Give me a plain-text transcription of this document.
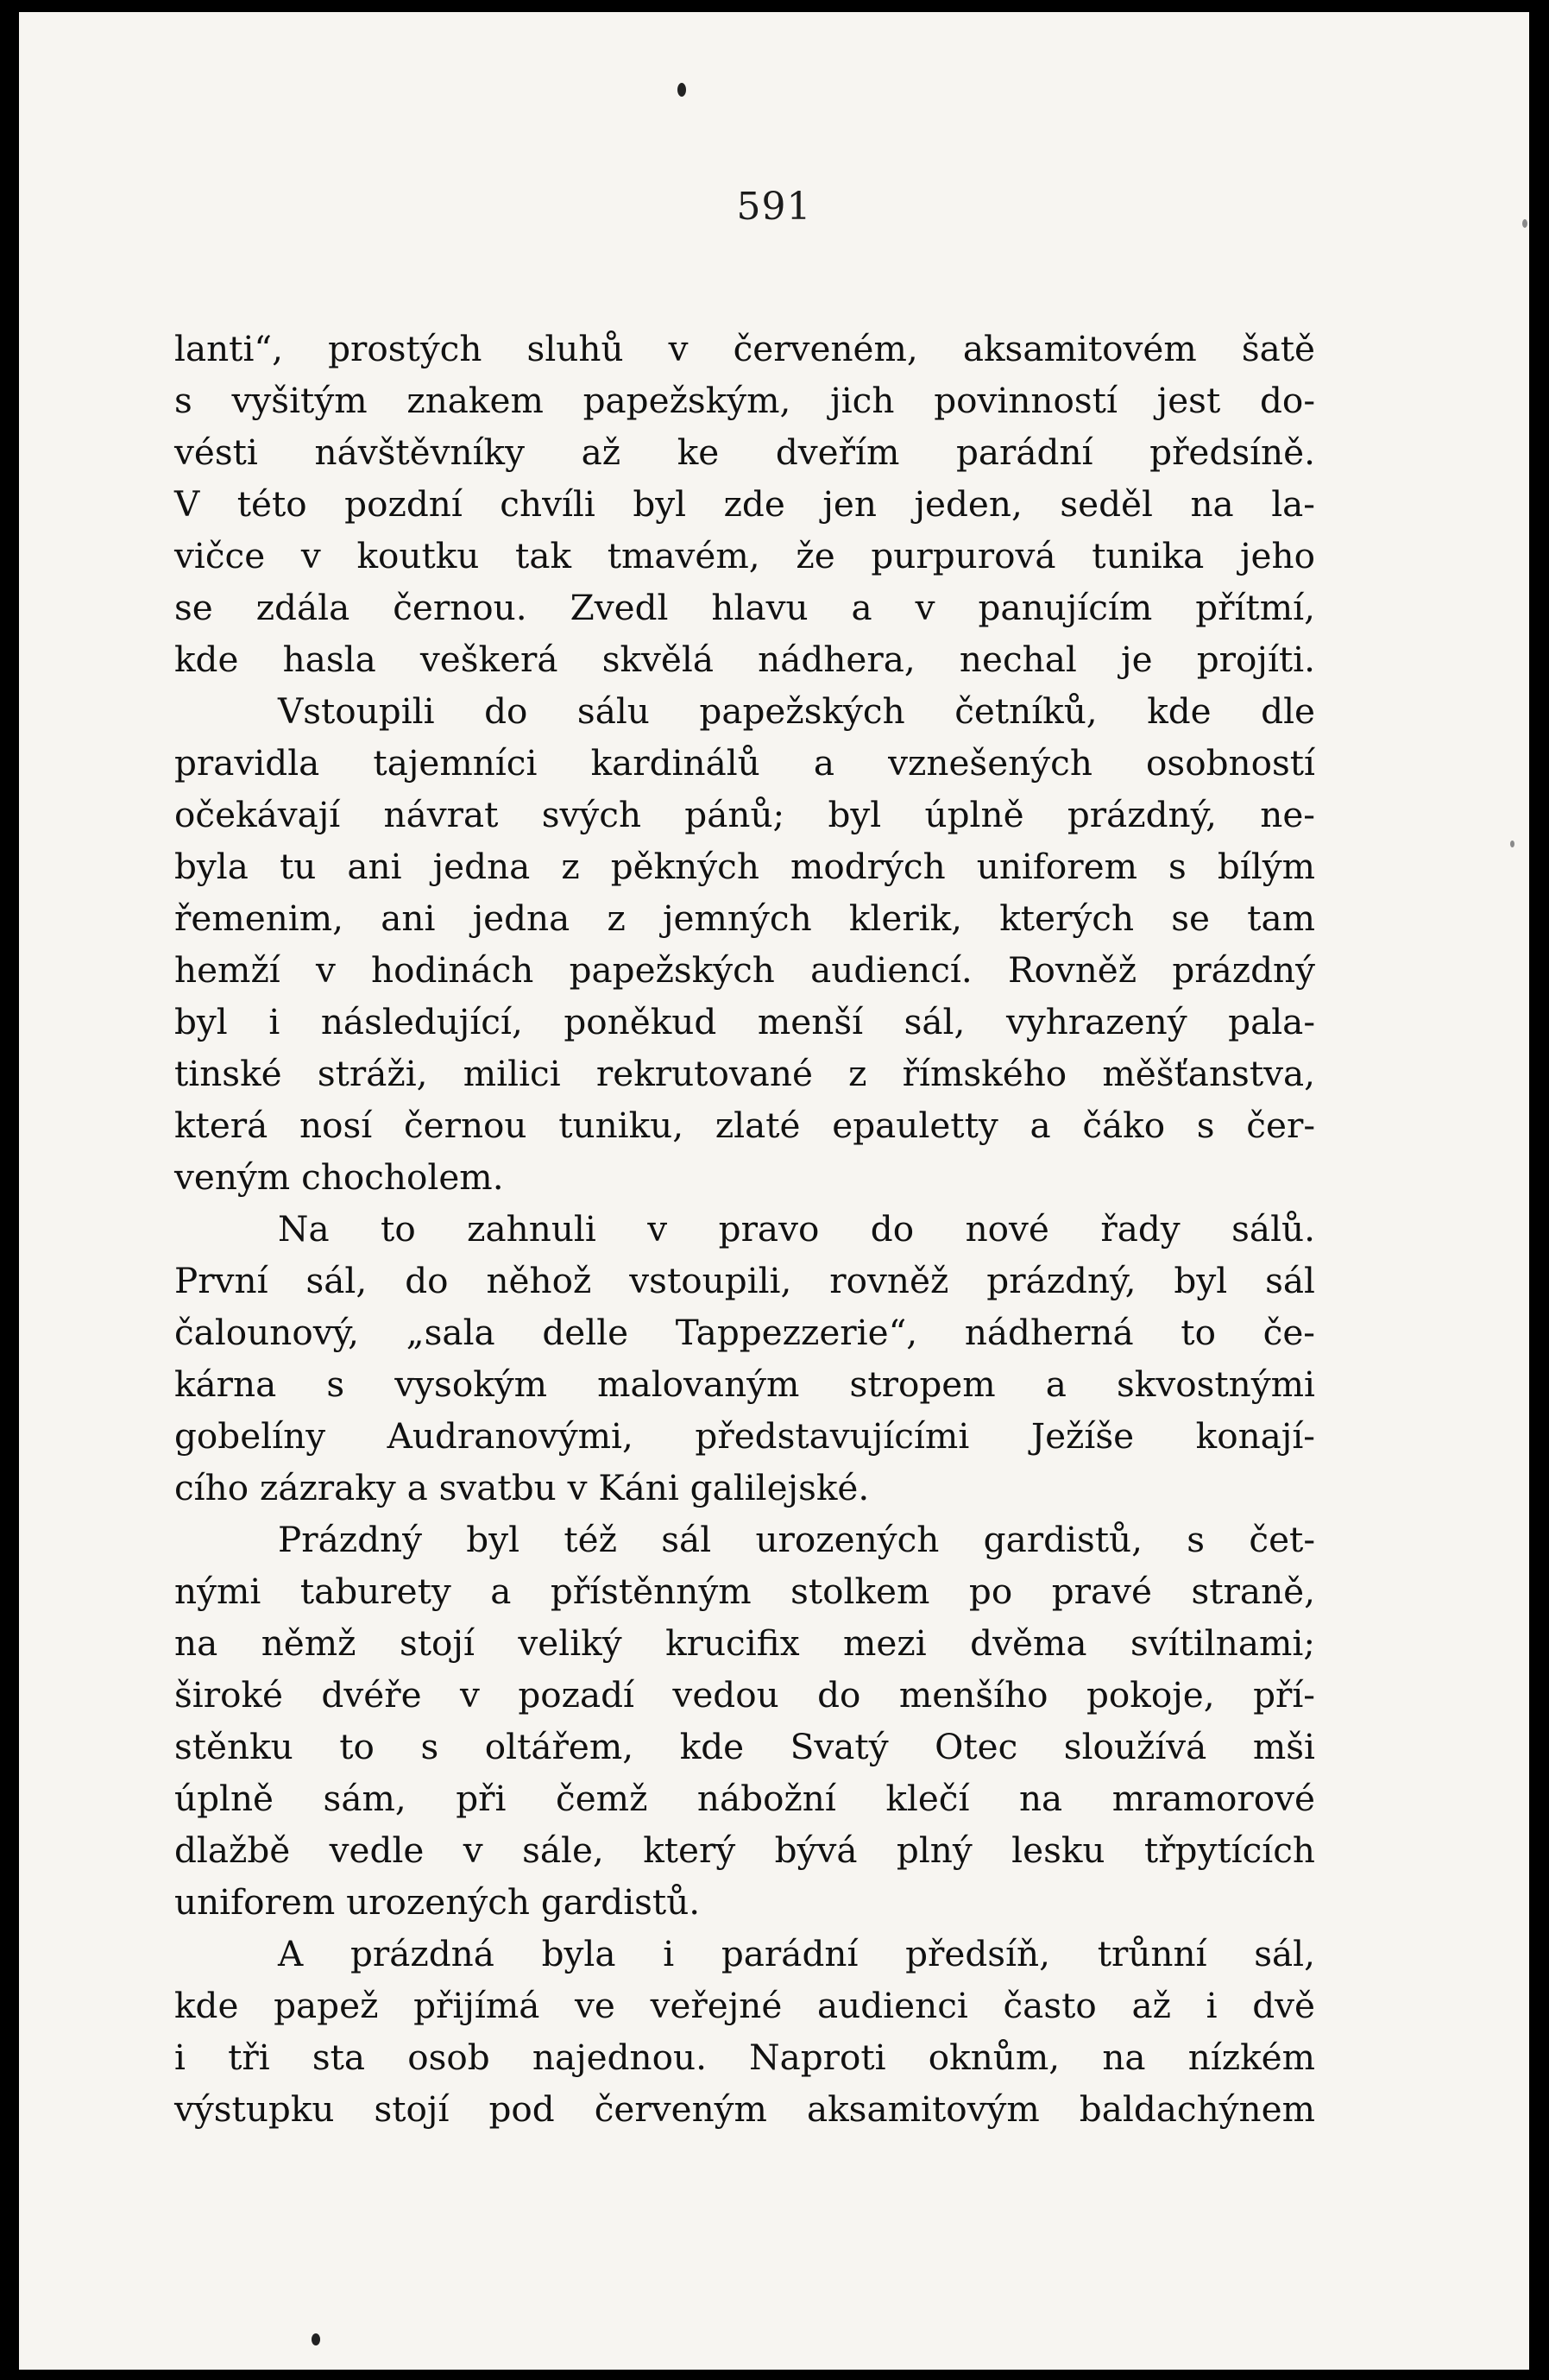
591
lanti“, prostých sluhů v červeném, aksamitovém šatě
s vyšitým znakem papežským, jich povinností jest do-
vésti návštěvníky až ke dveřím parádní předsíně.
V této pozdní chvíli byl zde jen jeden, seděl na la-
vičce v koutku tak tmavém, že purpurová tunika jeho
se zdála černou. Zvedl hlavu a v panujícím přítmí,
kde hasla veškerá skvělá nádhera, nechal je projíti.
Vstoupili do sálu papežských četníků, kde dle
pravidla tajemníci kardinálů a vznešených osobností
očekávají návrat svých pánů; byl úplně prázdný, ne-
byla tu ani jedna z pěkných modrých uniforem s bílým
řemenim, ani jedna z jemných klerik, kterých se tam
hemží v hodinách papežských audiencí. Rovněž prázdný
byl i následující, poněkud menší sál, vyhrazený pala-
tinské stráži, milici rekrutované z římského měšťanstva,
která nosí černou tuniku, zlaté epauletty a čáko s čer-
veným chocholem.
Na to zahnuli v pravo do nové řady sálů.
První sál, do něhož vstoupili, rovněž prázdný, byl sál
čalounový, „sala delle Tappezzerie“, nádherná to če-
kárna s vysokým malovaným stropem a skvostnými
gobelíny Audranovými, představujícími Ježíše konají-
cího zázraky a svatbu v Káni galilejské.
Prázdný byl též sál urozených gardistů, s čet-
nými taburety a přístěnným stolkem po pravé straně,
na němž stojí veliký krucifix mezi dvěma svítilnami;
široké dvéře v pozadí vedou do menšího pokoje, pří-
stěnku to s oltářem, kde Svatý Otec sloužívá mši
úplně sám, při čemž nábožní klečí na mramorové
dlažbě vedle v sále, který bývá plný lesku třpytících
uniforem urozených gardistů.
A prázdná byla i parádní předsíň, trůnní sál,
kde papež přijímá ve veřejné audienci často až i dvě
i tři sta osob najednou. Naproti oknům, na nízkém
výstupku stojí pod červeným aksamitovým baldachýnem
